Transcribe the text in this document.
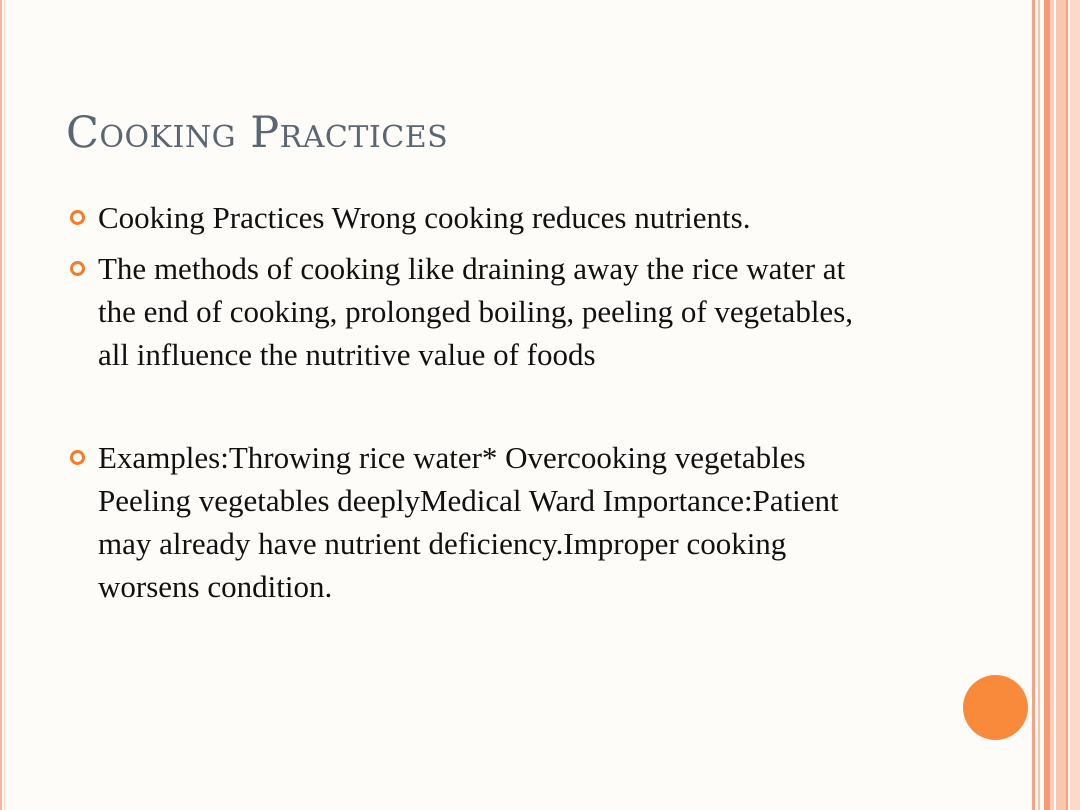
Cooking Practices
Cooking Practices Wrong cooking reduces nutrients.
The methods of cooking like draining away the rice water at the end of cooking, prolonged boiling, peeling of vegetables, all influence the nutritive value of foods
Examples:Throwing rice water* Overcooking vegetables Peeling vegetables deeplyMedical Ward Importance:Patient may already have nutrient deficiency.Improper cooking worsens condition.
